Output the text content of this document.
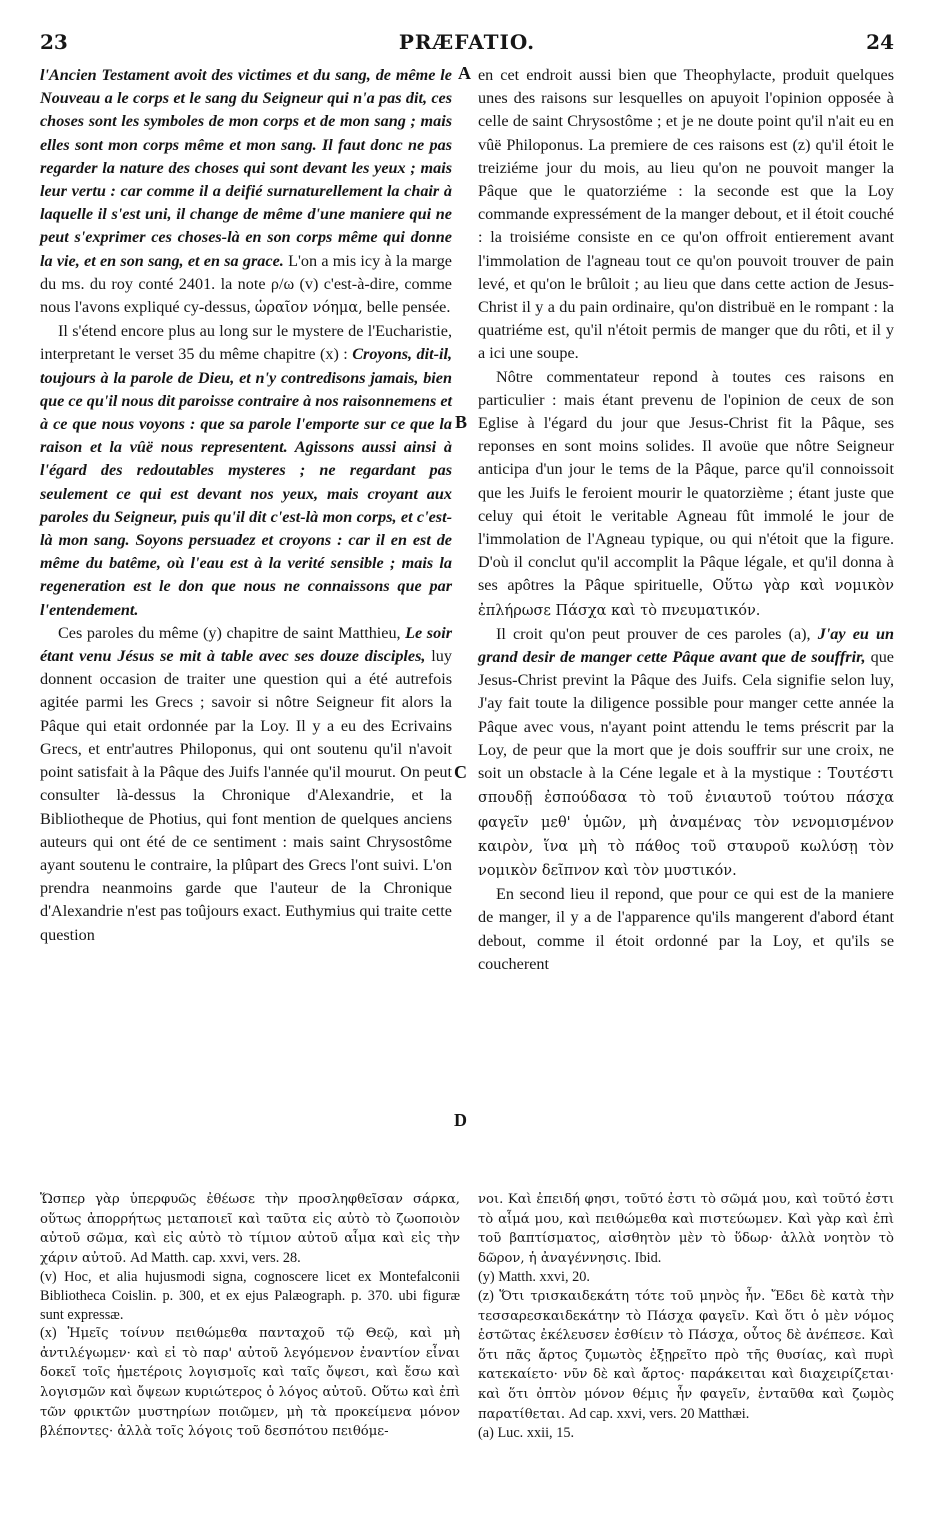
23	PRÆFATIO.	24
A
B
C
D

l'Ancien Testament avoit des victimes et du sang, de même le Nouveau a le corps et le sang du Seigneur qui n'a pas dit, ces choses sont les symboles de mon corps et de mon sang ; mais elles sont mon corps même et mon sang. Il faut donc ne pas regarder la nature des choses qui sont devant les yeux ; mais leur vertu : car comme il a deifié surnaturellement la chair à laquelle il s'est uni, il change de même d'une maniere qui ne peut s'exprimer ces choses-là en son corps même qui donne la vie, et en son sang, et en sa grace. L'on a mis icy à la marge du ms. du roy conté 2401. la note ρ/ω (v) c'est-à-dire, comme nous l'avons expliqué cy-dessus, ὡραῖον νόημα, belle pensée.

Il s'étend encore plus au long sur le mystere de l'Eucharistie, interpretant le verset 35 du même chapitre (x) : Croyons, dit-il, toujours à la parole de Dieu, et n'y contredisons jamais, bien que ce qu'il nous dit paroisse contraire à nos raisonnemens et à ce que nous voyons : que sa parole l'emporte sur ce que la raison et la vûë nous representent. Agissons aussi ainsi à l'égard des redoutables mysteres ; ne regardant pas seulement ce qui est devant nos yeux, mais croyant aux paroles du Seigneur, puis qu'il dit c'est-là mon corps, et c'est-là mon sang. Soyons persuadez et croyons : car il en est de même du batême, où l'eau est à la verité sensible ; mais la regeneration est le don que nous ne connaissons que par l'entendement.

Ces paroles du même (y) chapitre de saint Matthieu, Le soir étant venu Jésus se mit à table avec ses douze disciples, luy donnent occasion de traiter une question qui a été autrefois agitée parmi les Grecs ; savoir si nôtre Seigneur fit alors la Pâque qui etait ordonnée par la Loy. Il y a eu des Ecrivains Grecs, et entr'autres Philoponus, qui ont soutenu qu'il n'avoit point satisfait à la Pâque des Juifs l'année qu'il mourut. On peut consulter là-dessus la Chronique d'Alexandrie, et la Bibliotheque de Photius, qui font mention de quelques anciens auteurs qui ont été de ce sentiment : mais saint Chrysostôme ayant soutenu le contraire, la plûpart des Grecs l'ont suivi. L'on prendra neanmoins garde que l'auteur de la Chronique d'Alexandrie n'est pas toûjours exact. Euthymius qui traite cette question

en cet endroit aussi bien que Theophylacte, produit quelques unes des raisons sur lesquelles on apuyoit l'opinion opposée à celle de saint Chrysostôme ; et je ne doute point qu'il n'ait eu en vûë Philoponus. La premiere de ces raisons est (z) qu'il étoit le treiziéme jour du mois, au lieu qu'on ne pouvoit manger la Pâque que le quatorziéme : la seconde est que la Loy commande expressément de la manger debout, et il étoit couché : la troisiéme consiste en ce qu'on offroit entierement avant l'immolation de l'agneau tout ce qu'on pouvoit trouver de pain levé, et qu'on le brûloit ; au lieu que dans cette action de Jesus-Christ il y a du pain ordinaire, qu'on distribuë en le rompant : la quatriéme est, qu'il n'étoit permis de manger que du rôti, et il y a ici une soupe.

Nôtre commentateur repond à toutes ces raisons en particulier : mais étant prevenu de l'opinion de ceux de son Eglise à l'égard du jour que Jesus-Christ fit la Pâque, ses reponses en sont moins solides. Il avoüe que nôtre Seigneur anticipa d'un jour le tems de la Pâque, parce qu'il connoissoit que les Juifs le feroient mourir le quatorzième ; étant juste que celuy qui étoit le veritable Agneau fût immolé le jour de l'immolation de l'Agneau typique, ou qui n'étoit que la figure. D'où il conclut qu'il accomplit la Pâque légale, et qu'il donna à ses apôtres la Pâque spirituelle, Οὕτω γὰρ καὶ νομικὸν ἐπλήρωσε Πάσχα καὶ τὸ πνευματικόν.

Il croit qu'on peut prouver de ces paroles (a), J'ay eu un grand desir de manger cette Pâque avant que de souffrir, que Jesus-Christ prevint la Pâque des Juifs. Cela signifie selon luy, J'ay fait toute la diligence possible pour manger cette année la Pâque avec vous, n'ayant point attendu le tems préscrit par la Loy, de peur que la mort que je dois souffrir sur une croix, ne soit un obstacle à la Céne legale et à la mystique : Τουτέστι σπουδῇ ἐσπούδασα τὸ τοῦ ἐνιαυτοῦ τούτου πάσχα φαγεῖν μεθ' ὑμῶν, μὴ ἀναμένας τὸν νενομισμένον καιρὸν, ἵνα μὴ τὸ πάθος τοῦ σταυροῦ κωλύσῃ τὸν νομικὸν δεῖπνον καὶ τὸν μυστικόν.

En second lieu il repond, que pour ce qui est de la maniere de manger, il y a de l'apparence qu'ils mangerent d'abord étant debout, comme il étoit ordonné par la Loy, et qu'ils se coucherent

Ὥσπερ γὰρ ὑπερφυῶς ἐθέωσε τὴν προσληφθεῖσαν σάρκα, οὕτως ἀπορρήτως μεταποιεῖ καὶ ταῦτα εἰς αὐτὸ τὸ ζωοποιὸν αὐτοῦ σῶμα, καὶ εἰς αὐτὸ τὸ τίμιον αὐτοῦ αἷμα καὶ εἰς τὴν χάριν αὐτοῦ. Ad Matth. cap. xxvi, vers. 28.

(v) Hoc, et alia hujusmodi signa, cognoscere licet ex Montefalconii Bibliotheca Coislin. p. 300, et ex ejus Palæograph. p. 370. ubi figuræ sunt expressæ.

(x) Ἡμεῖς τοίνυν πειθώμεθα πανταχοῦ τῷ Θεῷ, καὶ μὴ ἀντιλέγωμεν· καὶ εἰ τὸ παρ' αὐτοῦ λεγόμενον ἐναντίον εἶναι δοκεῖ τοῖς ἡμετέροις λογισμοῖς καὶ ταῖς ὄψεσι, καὶ ἔσω καὶ λογισμῶν καὶ ὄψεων κυριώτερος ὁ λόγος αὐτοῦ. Οὕτω καὶ ἐπὶ τῶν φρικτῶν μυστηρίων ποιῶμεν, μὴ τὰ προκείμενα μόνον βλέποντες· ἀλλὰ τοῖς λόγοις τοῦ δεσπότου πειθόμε-

νοι. Καὶ ἐπειδή φησι, τοῦτό ἐστι τὸ σῶμά μου, καὶ τοῦτό ἐστι τὸ αἷμά μου, καὶ πειθώμεθα καὶ πιστεύωμεν. Καὶ γὰρ καὶ ἐπὶ τοῦ βαπτίσματος, αἰσθητὸν μὲν τὸ ὕδωρ· ἀλλὰ νοητὸν τὸ δῶρον, ἡ ἀναγέννησις. Ibid.

(y) Matth. xxvi, 20.

(z) Ὅτι τρισκαιδεκάτη τότε τοῦ μηνὸς ἦν. Ἔδει δὲ κατὰ τὴν τεσσαρεσκαιδεκάτην τὸ Πάσχα φαγεῖν. Καὶ ὅτι ὁ μὲν νόμος ἑστῶτας ἐκέλευσεν ἐσθίειν τὸ Πάσχα, οὗτος δὲ ἀνέπεσε. Καὶ ὅτι πᾶς ἄρτος ζυμωτὸς ἐξῃρεῖτο πρὸ τῆς θυσίας, καὶ πυρὶ κατεκαίετο· νῦν δὲ καὶ ἄρτος· παράκειται καὶ διαχειρίζεται· καὶ ὅτι ὀπτὸν μόνον θέμις ἦν φαγεῖν, ἐνταῦθα καὶ ζωμὸς παρατίθεται. Ad cap. xxvi, vers. 20 Matthæi.

(a) Luc. xxii, 15.
